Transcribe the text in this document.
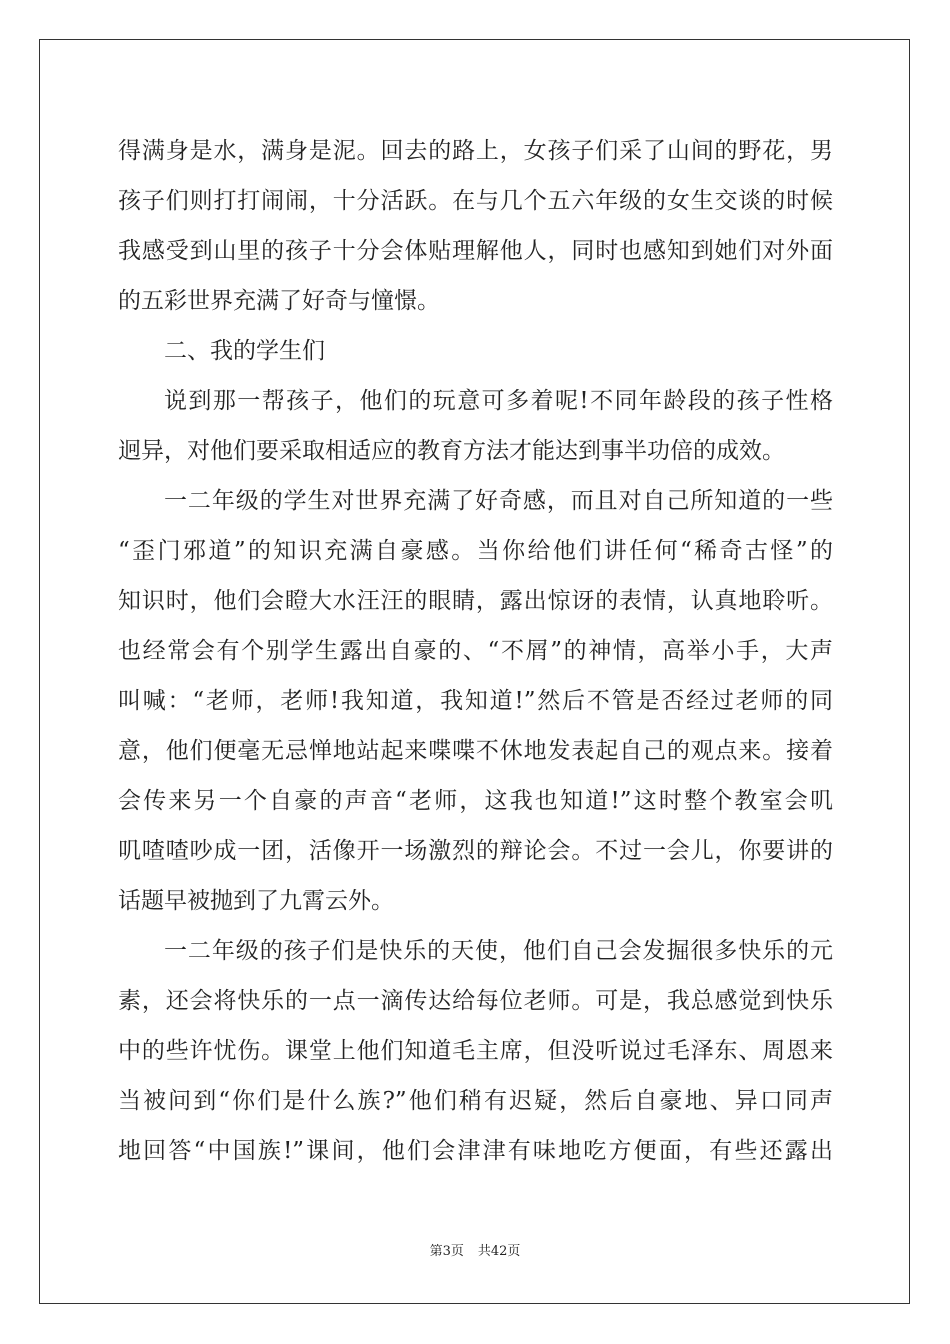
得满身是水，满身是泥。回去的路上，女孩子们采了山间的野花，男
孩子们则打打闹闹，十分活跃。在与几个五六年级的女生交谈的时候
我感受到山里的孩子十分会体贴理解他人，同时也感知到她们对外面
的五彩世界充满了好奇与憧憬。
二、我的学生们
说到那一帮孩子，他们的玩意可多着呢!不同年龄段的孩子性格
迥异，对他们要采取相适应的教育方法才能达到事半功倍的成效。
一二年级的学生对世界充满了好奇感，而且对自己所知道的一些
“歪门邪道”的知识充满自豪感。当你给他们讲任何“稀奇古怪”的
知识时，他们会瞪大水汪汪的眼睛，露出惊讶的表情，认真地聆听。
也经常会有个别学生露出自豪的、“不屑”的神情，高举小手，大声
叫喊：“老师，老师!我知道，我知道!”然后不管是否经过老师的同
意，他们便毫无忌惮地站起来喋喋不休地发表起自己的观点来。接着
会传来另一个自豪的声音“老师，这我也知道!”这时整个教室会叽
叽喳喳吵成一团，活像开一场激烈的辩论会。不过一会儿，你要讲的
话题早被抛到了九霄云外。
一二年级的孩子们是快乐的天使，他们自己会发掘很多快乐的元
素，还会将快乐的一点一滴传达给每位老师。可是，我总感觉到快乐
中的些许忧伤。课堂上他们知道毛主席，但没听说过毛泽东、周恩来
当被问到“你们是什么族?”他们稍有迟疑，然后自豪地、异口同声
地回答“中国族!”课间，他们会津津有味地吃方便面，有些还露出
第3页 共42页
